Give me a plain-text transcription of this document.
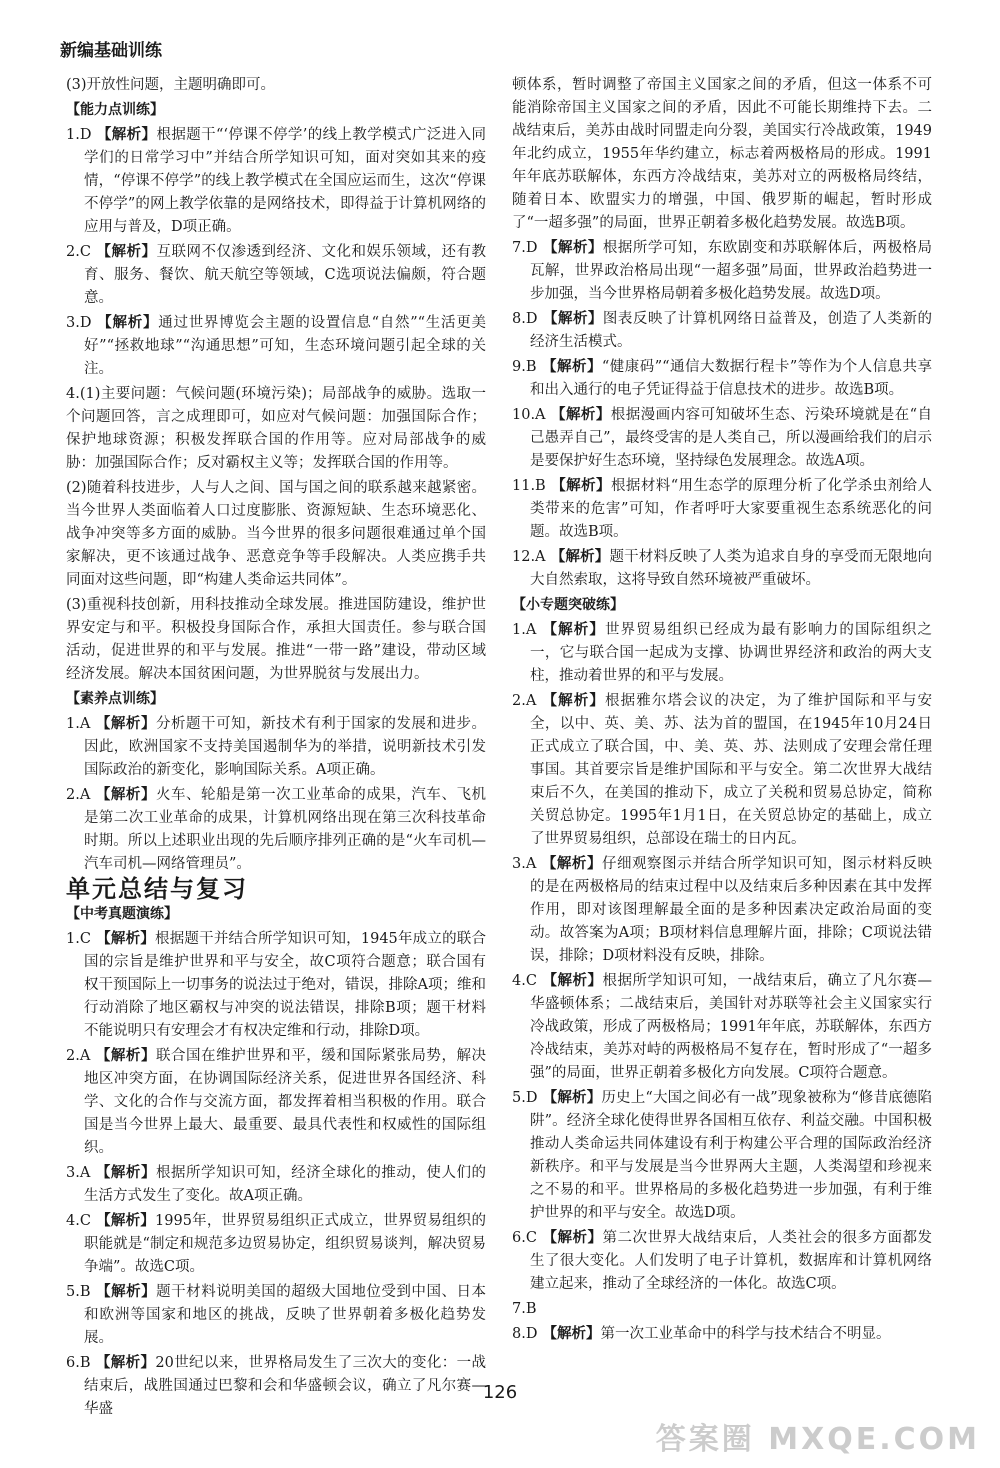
新编基础训练

(3)开放性问题，主题明确即可。

【能力点训练】

1.D 【解析】根据题干“‘停课不停学’的线上教学模式广泛进入同学们的日常学习中”并结合所学知识可知，面对突如其来的疫情，“停课不停学”的线上教学模式在全国应运而生，这次“停课不停学”的网上教学依靠的是网络技术，即得益于计算机网络的应用与普及，D项正确。

2.C 【解析】互联网不仅渗透到经济、文化和娱乐领域，还有教育、服务、餐饮、航天航空等领域，C选项说法偏颇，符合题意。

3.D 【解析】通过世界博览会主题的设置信息“自然”“生活更美好”“拯救地球”“沟通思想”可知，生态环境问题引起全球的关注。

4.(1)主要问题：气候问题(环境污染)；局部战争的威胁。选取一个问题回答，言之成理即可，如应对气候问题：加强国际合作；保护地球资源；积极发挥联合国的作用等。应对局部战争的威胁：加强国际合作；反对霸权主义等；发挥联合国的作用等。

(2)随着科技进步，人与人之间、国与国之间的联系越来越紧密。当今世界人类面临着人口过度膨胀、资源短缺、生态环境恶化、战争冲突等多方面的威胁。当今世界的很多问题很难通过单个国家解决，更不该通过战争、恶意竞争等手段解决。人类应携手共同面对这些问题，即“构建人类命运共同体”。

(3)重视科技创新，用科技推动全球发展。推进国防建设，维护世界安定与和平。积极投身国际合作，承担大国责任。参与联合国活动，促进世界的和平与发展。推进“一带一路”建设，带动区域经济发展。解决本国贫困问题，为世界脱贫与发展出力。

【素养点训练】

1.A 【解析】分析题干可知，新技术有利于国家的发展和进步。因此，欧洲国家不支持美国遏制华为的举措，说明新技术引发国际政治的新变化，影响国际关系。A项正确。

2.A 【解析】火车、轮船是第一次工业革命的成果，汽车、飞机是第二次工业革命的成果，计算机网络出现在第三次科技革命时期。所以上述职业出现的先后顺序排列正确的是“火车司机—汽车司机—网络管理员”。

单元总结与复习

【中考真题演练】

1.C 【解析】根据题干并结合所学知识可知，1945年成立的联合国的宗旨是维护世界和平与安全，故C项符合题意；联合国有权干预国际上一切事务的说法过于绝对，错误，排除A项；维和行动消除了地区霸权与冲突的说法错误，排除B项；题干材料不能说明只有安理会才有权决定维和行动，排除D项。

2.A 【解析】联合国在维护世界和平，缓和国际紧张局势，解决地区冲突方面，在协调国际经济关系，促进世界各国经济、科学、文化的合作与交流方面，都发挥着相当积极的作用。联合国是当今世界上最大、最重要、最具代表性和权威性的国际组织。

3.A 【解析】根据所学知识可知，经济全球化的推动，使人们的生活方式发生了变化。故A项正确。

4.C 【解析】1995年，世界贸易组织正式成立，世界贸易组织的职能就是“制定和规范多边贸易协定，组织贸易谈判，解决贸易争端”。故选C项。

5.B 【解析】题干材料说明美国的超级大国地位受到中国、日本和欧洲等国家和地区的挑战，反映了世界朝着多极化趋势发展。

6.B 【解析】20世纪以来，世界格局发生了三次大的变化：一战结束后，战胜国通过巴黎和会和华盛顿会议，确立了凡尔赛—华盛

顿体系，暂时调整了帝国主义国家之间的矛盾，但这一体系不可能消除帝国主义国家之间的矛盾，因此不可能长期维持下去。二战结束后，美苏由战时同盟走向分裂，美国实行冷战政策，1949年北约成立，1955年华约建立，标志着两极格局的形成。1991年年底苏联解体，东西方冷战结束，美苏对立的两极格局终结，随着日本、欧盟实力的增强，中国、俄罗斯的崛起，暂时形成了“一超多强”的局面，世界正朝着多极化趋势发展。故选B项。

7.D 【解析】根据所学可知，东欧剧变和苏联解体后，两极格局瓦解，世界政治格局出现“一超多强”局面，世界政治趋势进一步加强，当今世界格局朝着多极化趋势发展。故选D项。

8.D 【解析】图表反映了计算机网络日益普及，创造了人类新的经济生活模式。

9.B 【解析】“健康码”“通信大数据行程卡”等作为个人信息共享和出入通行的电子凭证得益于信息技术的进步。故选B项。

10.A 【解析】根据漫画内容可知破坏生态、污染环境就是在“自己愚弄自己”，最终受害的是人类自己，所以漫画给我们的启示是要保护好生态环境，坚持绿色发展理念。故选A项。

11.B 【解析】根据材料“用生态学的原理分析了化学杀虫剂给人类带来的危害”可知，作者呼吁大家要重视生态系统恶化的问题。故选B项。

12.A 【解析】题干材料反映了人类为追求自身的享受而无限地向大自然索取，这将导致自然环境被严重破坏。

【小专题突破练】

1.A 【解析】世界贸易组织已经成为最有影响力的国际组织之一，它与联合国一起成为支撑、协调世界经济和政治的两大支柱，推动着世界的和平与发展。

2.A 【解析】根据雅尔塔会议的决定，为了维护国际和平与安全，以中、英、美、苏、法为首的盟国，在1945年10月24日正式成立了联合国，中、美、英、苏、法则成了安理会常任理事国。其首要宗旨是维护国际和平与安全。第二次世界大战结束后不久，在美国的推动下，成立了关税和贸易总协定，简称关贸总协定。1995年1月1日，在关贸总协定的基础上，成立了世界贸易组织，总部设在瑞士的日内瓦。

3.A 【解析】仔细观察图示并结合所学知识可知，图示材料反映的是在两极格局的结束过程中以及结束后多种因素在其中发挥作用，即对该图理解最全面的是多种因素决定政治局面的变动。故答案为A项；B项材料信息理解片面，排除；C项说法错误，排除；D项材料没有反映，排除。

4.C 【解析】根据所学知识可知，一战结束后，确立了凡尔赛—华盛顿体系；二战结束后，美国针对苏联等社会主义国家实行冷战政策，形成了两极格局；1991年年底，苏联解体，东西方冷战结束，美苏对峙的两极格局不复存在，暂时形成了“一超多强”的局面，世界正朝着多极化方向发展。C项符合题意。

5.D 【解析】历史上“大国之间必有一战”现象被称为“修昔底德陷阱”。经济全球化使得世界各国相互依存、利益交融。中国积极推动人类命运共同体建设有利于构建公平合理的国际政治经济新秩序。和平与发展是当今世界两大主题，人类渴望和珍视来之不易的和平。世界格局的多极化趋势进一步加强，有利于维护世界的和平与安全。故选D项。

6.C 【解析】第二次世界大战结束后，人类社会的很多方面都发生了很大变化。人们发明了电子计算机，数据库和计算机网络建立起来，推动了全球经济的一体化。故选C项。

7.B

8.D 【解析】第一次工业革命中的科学与技术结合不明显。

126
答案圈 MXQE.COM
